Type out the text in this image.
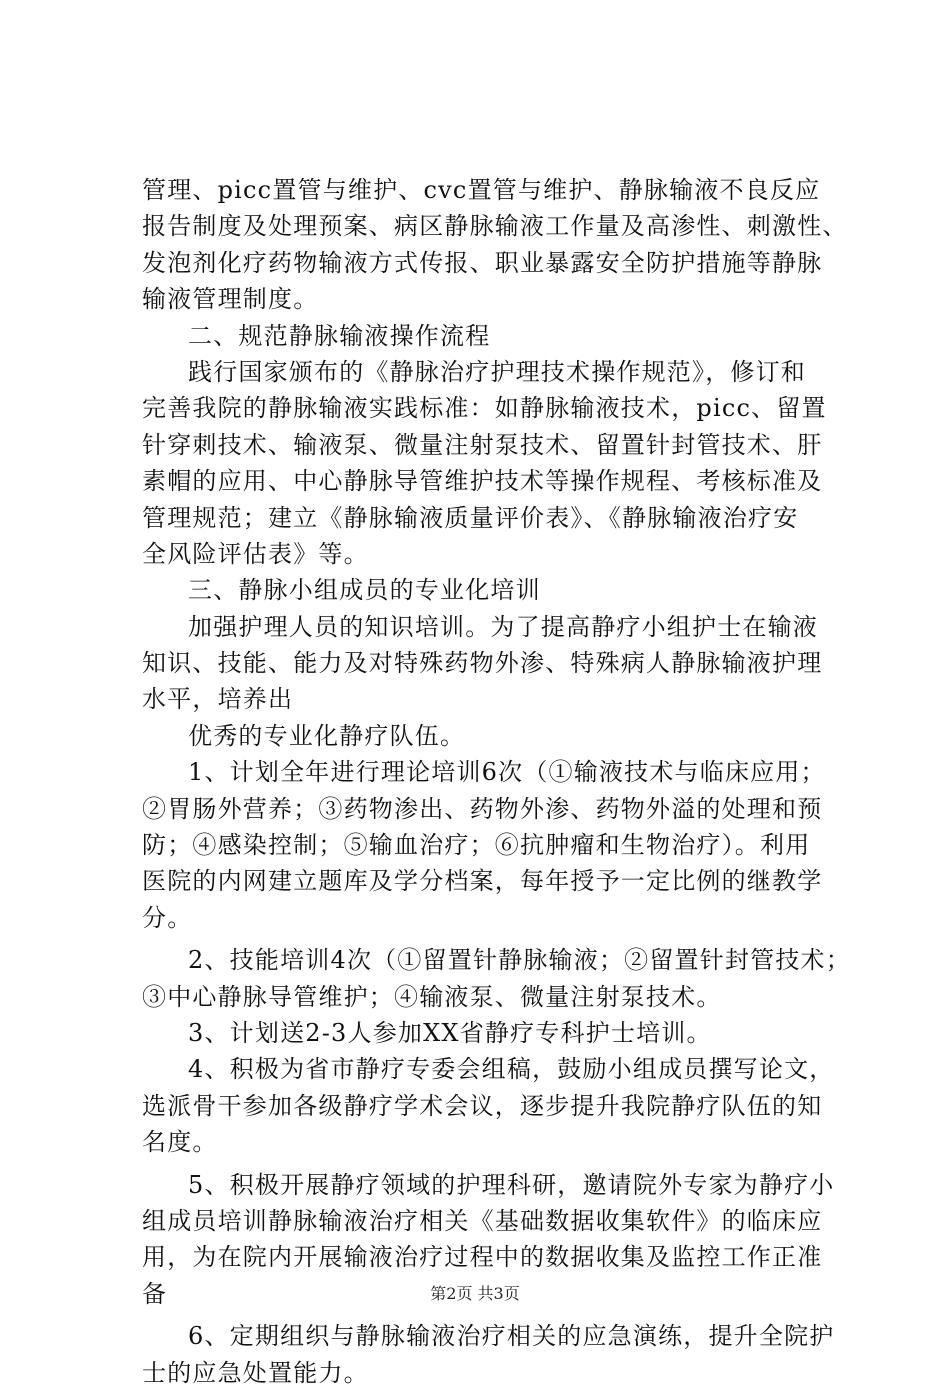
管理、picc置管与维护、cvc置管与维护、静脉输液不良反应
报告制度及处理预案、病区静脉输液工作量及高渗性、刺激性、
发泡剂化疗药物输液方式传报、职业暴露安全防护措施等静脉
输液管理制度。
二、规范静脉输液操作流程
践行国家颁布的《静脉治疗护理技术操作规范》，修订和
完善我院的静脉输液实践标准：如静脉输液技术，picc、留置
针穿刺技术、输液泵、微量注射泵技术、留置针封管技术、肝
素帽的应用、中心静脉导管维护技术等操作规程、考核标准及
管理规范；建立《静脉输液质量评价表》、《静脉输液治疗安
全风险评估表》等。
三、静脉小组成员的专业化培训
加强护理人员的知识培训。为了提高静疗小组护士在输液
知识、技能、能力及对特殊药物外渗、特殊病人静脉输液护理
水平，培养出
优秀的专业化静疗队伍。
1、计划全年进行理论培训6次（①输液技术与临床应用；
②胃肠外营养；③药物渗出、药物外渗、药物外溢的处理和预
防；④感染控制；⑤输血治疗；⑥抗肿瘤和生物治疗）。利用
医院的内网建立题库及学分档案，每年授予一定比例的继教学
分。
2、技能培训4次（①留置针静脉输液；②留置针封管技术；
③中心静脉导管维护；④输液泵、微量注射泵技术。
3、计划送2-3人参加XX省静疗专科护士培训。
4、积极为省市静疗专委会组稿，鼓励小组成员撰写论文，
选派骨干参加各级静疗学术会议，逐步提升我院静疗队伍的知
名度。
5、积极开展静疗领域的护理科研，邀请院外专家为静疗小
组成员培训静脉输液治疗相关《基础数据收集软件》的临床应
用，为在院内开展输液治疗过程中的数据收集及监控工作正准
备
6、定期组织与静脉输液治疗相关的应急演练，提升全院护
士的应急处置能力。
第2页 共3页
